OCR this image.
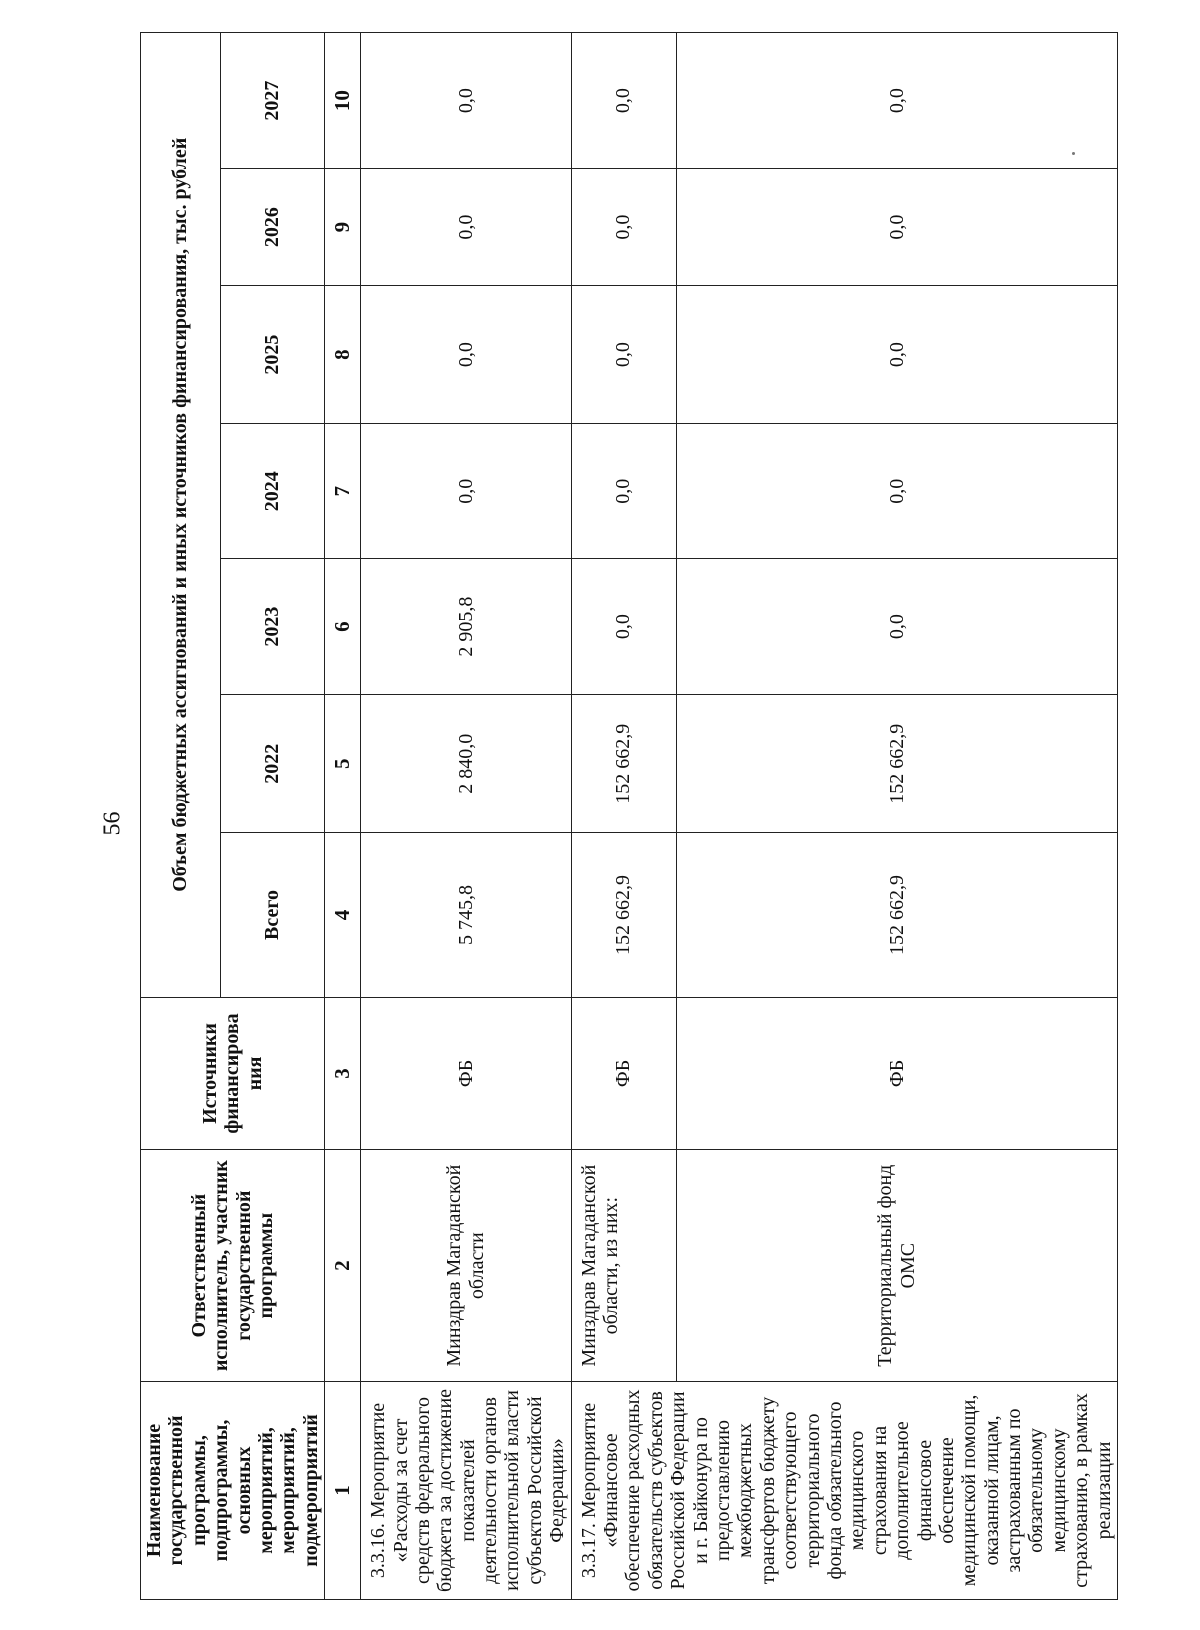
56
Наименование государственной программы, подпрограммы, основных мероприятий, мероприятий, подмероприятий	Ответственный исполнитель, участник государственной программы	Источники финансирова ния	Объем бюджетных ассигнований и иных источников финансирования, тыс. рублей						
			Всего	2022	2023	2024	2025	2026	2027
1	2	3	4	5	6	7	8	9	10
3.3.16. Мероприятие «Расходы за счет средств федерального бюджета за достижение показателей деятельности органов исполнительной власти субъектов Российской Федерации»	Минздрав Магаданской области	ФБ	5 745,8	2 840,0	2 905,8	0,0	0,0	0,0	0,0
3.3.17. Мероприятие «Финансовое обеспечение расходных обязательств субъектов Российской Федерации и г. Байконура по предоставлению межбюджетных трансфертов бюджету соответствующего территориального фонда обязательного медицинского страхования на дополнительное финансовое обеспечение медицинской помощи, оказанной лицам, застрахованным по обязательному медицинскому страхованию, в рамках реализации	Минздрав Магаданской области, из них:	ФБ	152 662,9	152 662,9	0,0	0,0	0,0	0,0	0,0
	Территориальный фонд ОМС	ФБ	152 662,9	152 662,9	0,0	0,0	0,0	0,0	0,0
